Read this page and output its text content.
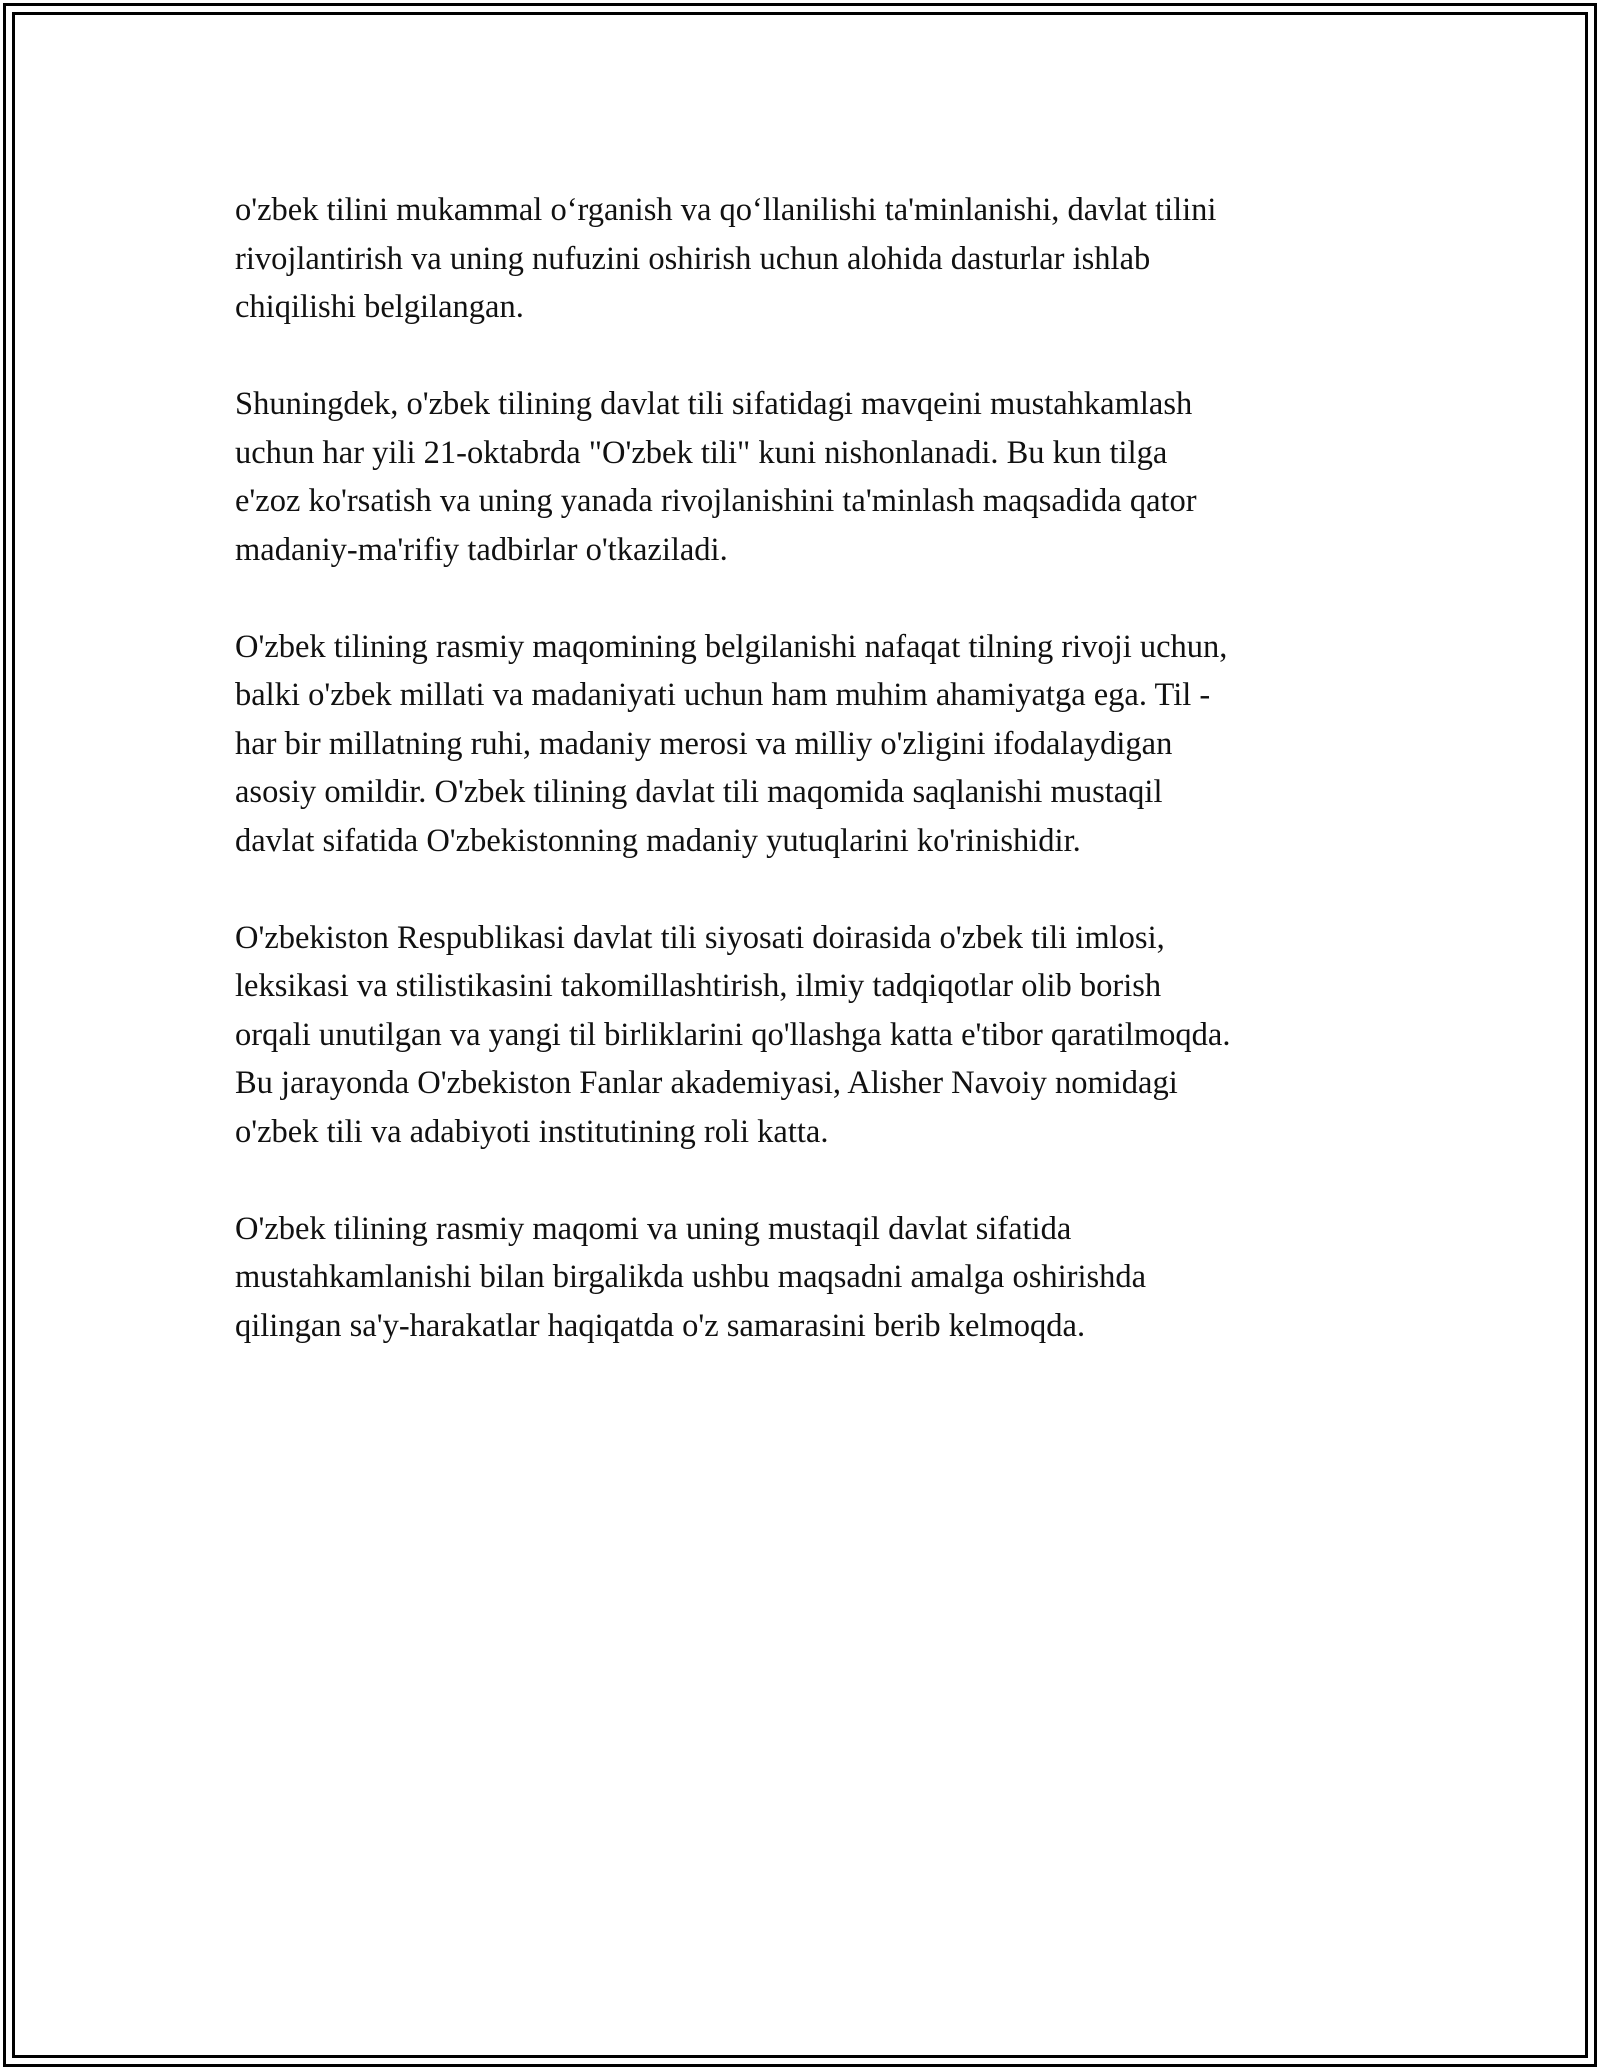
o'zbek tilini mukammal o‘rganish va qo‘llanilishi ta'minlanishi, davlat tilini
rivojlantirish va uning nufuzini oshirish uchun alohida dasturlar ishlab
chiqilishi belgilangan.

Shuningdek, o'zbek tilining davlat tili sifatidagi mavqeini mustahkamlash
uchun har yili 21-oktabrda "O'zbek tili" kuni nishonlanadi. Bu kun tilga
e'zoz ko'rsatish va uning yanada rivojlanishini ta'minlash maqsadida qator
madaniy-ma'rifiy tadbirlar o'tkaziladi.

O'zbek tilining rasmiy maqomining belgilanishi nafaqat tilning rivoji uchun,
balki o'zbek millati va madaniyati uchun ham muhim ahamiyatga ega. Til -
har bir millatning ruhi, madaniy merosi va milliy o'zligini ifodalaydigan
asosiy omildir. O'zbek tilining davlat tili maqomida saqlanishi mustaqil
davlat sifatida O'zbekistonning madaniy yutuqlarini ko'rinishidir.

O'zbekiston Respublikasi davlat tili siyosati doirasida o'zbek tili imlosi,
leksikasi va stilistikasini takomillashtirish, ilmiy tadqiqotlar olib borish
orqali unutilgan va yangi til birliklarini qo'llashga katta e'tibor qaratilmoqda.
Bu jarayonda O'zbekiston Fanlar akademiyasi, Alisher Navoiy nomidagi
o'zbek tili va adabiyoti institutining roli katta.

O'zbek tilining rasmiy maqomi va uning mustaqil davlat sifatida
mustahkamlanishi bilan birgalikda ushbu maqsadni amalga oshirishda
qilingan sa'y-harakatlar haqiqatda o'z samarasini berib kelmoqda.
